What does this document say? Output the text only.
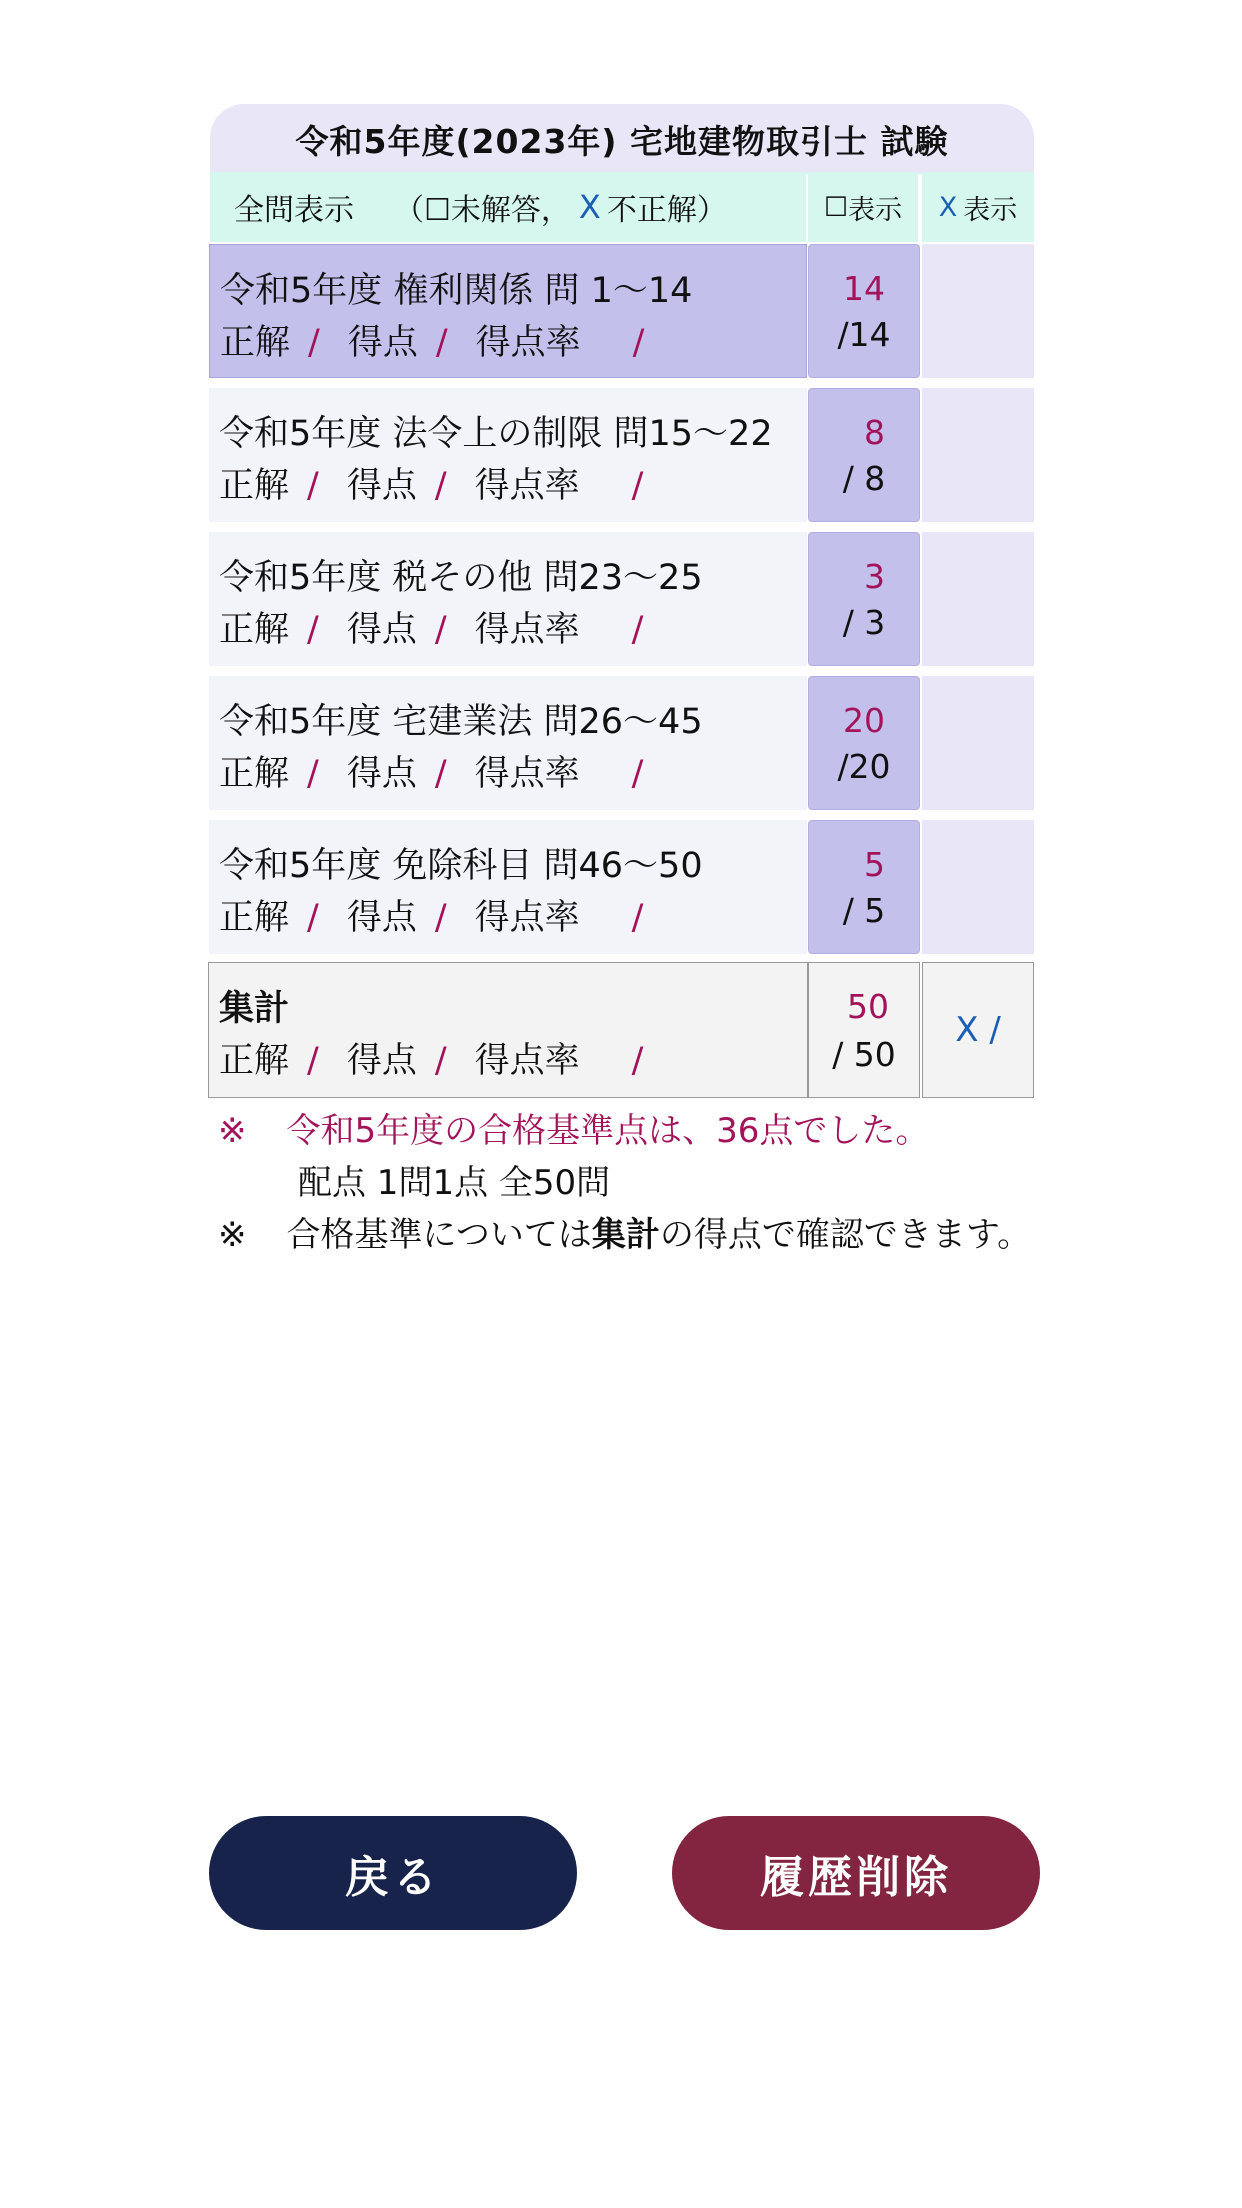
令和5年度(2023年) 宅地建物取引士 試験
全問表示 （ ☐未解答， X 不正解 ）	☐ 表示 X 表示
令和5年度 権利関係 問 1〜14
正解 / 得点 / 得点率 /
14
/14
令和5年度 法令上の制限 問15〜22
正解 / 得点 / 得点率 /
8
/ 8
令和5年度 税その他 問23〜25
正解 / 得点 / 得点率 /
3
/ 3
令和5年度 宅建業法 問26〜45
正解 / 得点 / 得点率 /
20
/20
令和5年度 免除科目 問46〜50
正解 / 得点 / 得点率 /
5
/ 5
集計
正解 / 得点 / 得点率 /
50
/ 50
X /
※ 令和5年度の合格基準点は、36点でした。
配点 1問1点 全50問
※ 合格基準については集計の得点で確認できます。
戻る	履歴削除
